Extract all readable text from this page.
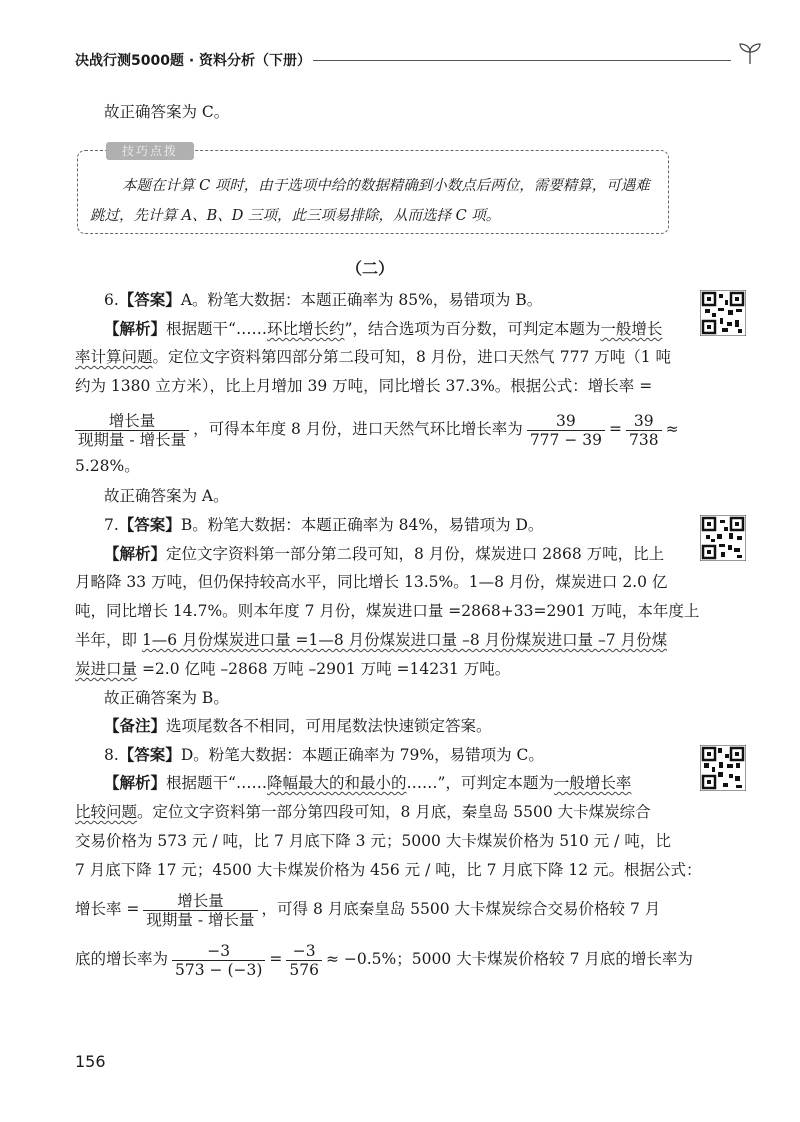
决战行测5000题 · 资料分析（下册）
故正确答案为 C。
技巧点拨
本题在计算 C 项时，由于选项中给的数据精确到小数点后两位，需要精算，可遇难跳过，先计算 A、B、D 三项，此三项易排除，从而选择 C 项。
（二）
6.【答案】A。粉笔大数据：本题正确率为 85%，易错项为 B。
【解析】根据题干“……环比增长约”，结合选项为百分数，可判定本题为一般增长
率计算问题。定位文字资料第四部分第二段可知，8 月份，进口天然气 777 万吨（1 吨
约为 1380 立方米），比上月增加 39 万吨，同比增长 37.3%。根据公式：增长率 =
$\frac{\text{增长量}}{\text{现期量 - 增长量}}$ ，可得本年度 8 月份，进口天然气环比增长率为 $\frac{39}{777 - 39} = \frac{39}{738}$ ≈
5.28%。
故正确答案为 A。
7.【答案】B。粉笔大数据：本题正确率为 84%，易错项为 D。
【解析】定位文字资料第一部分第二段可知，8 月份，煤炭进口 2868 万吨，比上
月略降 33 万吨，但仍保持较高水平，同比增长 13.5%。1—8 月份，煤炭进口 2.0 亿
吨，同比增长 14.7%。则本年度 7 月份，煤炭进口量 =2868+33=2901 万吨，本年度上
半年，即 1—6 月份煤炭进口量 =1—8 月份煤炭进口量 –8 月份煤炭进口量 –7 月份煤
炭进口量 =2.0 亿吨 –2868 万吨 –2901 万吨 =14231 万吨。
故正确答案为 B。
【备注】选项尾数各不相同，可用尾数法快速锁定答案。
8.【答案】D。粉笔大数据：本题正确率为 79%，易错项为 C。
【解析】根据题干“……降幅最大的和最小的……”，可判定本题为一般增长率
比较问题。定位文字资料第一部分第四段可知，8 月底，秦皇岛 5500 大卡煤炭综合
交易价格为 573 元 / 吨，比 7 月底下降 3 元；5000 大卡煤炭价格为 510 元 / 吨，比
7 月底下降 17 元；4500 大卡煤炭价格为 456 元 / 吨，比 7 月底下降 12 元。根据公式：
增长率 = $\frac{\text{增长量}}{\text{现期量 - 增长量}}$ ，可得 8 月底秦皇岛 5500 大卡煤炭综合交易价格较 7 月
底的增长率为 $\frac{-3}{573 - (-3)} = \frac{-3}{576} \approx -0.5\%$；5000 大卡煤炭价格较 7 月底的增长率为
156
